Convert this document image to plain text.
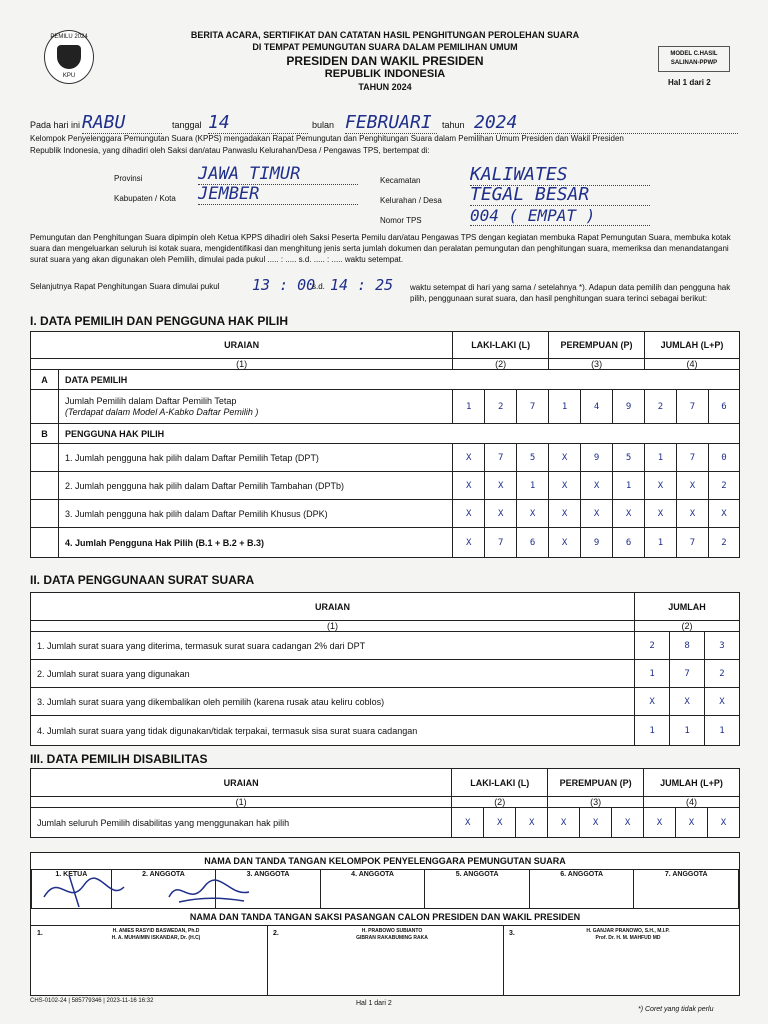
PEMILU 2024
KPU
BERITA ACARA, SERTIFIKAT DAN CATATAN HASIL PENGHITUNGAN PEROLEHAN SUARA
DI TEMPAT PEMUNGUTAN SUARA DALAM PEMILIHAN UMUM
PRESIDEN DAN WAKIL PRESIDEN
REPUBLIK INDONESIA
TAHUN 2024
MODEL C.HASIL
SALINAN-PPWP
Hal 1 dari 2
Pada hari ini RABU	tanggal 14	bulan FEBRUARI	tahun 2024
Kelompok Penyelenggara Pemungutan Suara (KPPS) mengadakan Rapat Pemungutan dan Penghitungan Suara dalam Pemilihan Umum Presiden dan Wakil Presiden
Republik Indonesia, yang dihadiri oleh Saksi dan/atau Panwaslu Kelurahan/Desa / Pengawas TPS, bertempat di:
Provinsi	JAWA TIMUR
Kabupaten / Kota JEMBER
Kecamatan	KALIWATES
Kelurahan / Desa TEGAL BESAR
Nomor TPS	004 ( EMPAT )
Pemungutan dan Penghitungan Suara dipimpin oleh Ketua KPPS dihadiri oleh Saksi Peserta Pemilu dan/atau Pengawas TPS dengan kegiatan membuka Rapat Pemungutan Suara, membuka kotak suara dan mengeluarkan seluruh isi kotak suara, mengidentifikasi dan menghitung jenis serta jumlah dokumen dan peralatan pemungutan dan penghitungan suara, memeriksa dan menandatangani surat suara yang akan digunakan oleh Pemilih, dimulai pada pukul ..... : ..... s.d. ..... : ..... waktu setempat.
Selanjutnya Rapat Penghitungan Suara dimulai pukul 13 : 00
s.d. 14 : 25 waktu setempat di hari yang sama / setelahnya *). Adapun data pemilih dan pengguna hak pilih, penggunaan surat suara, dan hasil penghitungan suara terinci sebagai berikut:
I. DATA PEMILIH DAN PENGGUNA HAK PILIH
URAIAN		LAKI-LAKI (L)			PEREMPUAN (P)			JUMLAH (L+P)		
(1)		(2)			(3)			(4)		
A	DATA PEMILIH									

	Jumlah Pemilih dalam Daftar Pemilih Tetap
(Terdapat dalam Model A-Kabko Daftar Pemilih )	1	2	7	1	4	9	2	7	6
B	PENGGUNA HAK PILIH									
	1. Jumlah pengguna hak pilih dalam Daftar Pemilih Tetap (DPT)	X	7	5	X	9	5	1	7	0
	2. Jumlah pengguna hak pilih dalam Daftar Pemilih Tambahan (DPTb)	X	X	1	X	X	1	X	X	2
	3. Jumlah pengguna hak pilih dalam Daftar Pemilih Khusus (DPK)	X	X	X	X	X	X	X	X	X
	4. Jumlah Pengguna Hak Pilih (B.1 + B.2 + B.3)	X	7	6	X	9	6	1	7	2
II. DATA PENGGUNAAN SURAT SUARA
URAIAN	JUMLAH		
(1)	(2)		
1. Jumlah surat suara yang diterima, termasuk surat suara cadangan 2% dari DPT	2	8	3
2. Jumlah surat suara yang digunakan	1	7	2
3. Jumlah surat suara yang dikembalikan oleh pemilih (karena rusak atau keliru coblos)	X	X	X
4. Jumlah surat suara yang tidak digunakan/tidak terpakai, termasuk sisa surat suara cadangan	1	1	1
III. DATA PEMILIH DISABILITAS
URAIAN	LAKI-LAKI (L)			PEREMPUAN (P)			JUMLAH (L+P)		
(1)	(2)			(3)			(4)		
Jumlah seluruh Pemilih disabilitas yang menggunakan hak pilih	X	X	X	X	X	X	X	X	X
NAMA DAN TANDA TANGAN KELOMPOK PENYELENGGARA PEMUNGUTAN SUARA
1. KETUA	2. ANGGOTA	3. ANGGOTA	4. ANGGOTA	5. ANGGOTA	6. ANGGOTA	7. ANGGOTA
NAMA DAN TANDA TANGAN SAKSI PASANGAN CALON PRESIDEN DAN WAKIL PRESIDEN
1.	H. ANIES RASYID BASWEDAN, Ph.D
H. A. MUHAIMIN ISKANDAR, Dr. (H.C)
2.	H. PRABOWO SUBIANTO
GIBRAN RAKABUMING RAKA
3.	H. GANJAR PRANOWO, S.H., M.I.P.
Prof. Dr. H. M. MAHFUD MD
CHS-0102-24 | 585779346 | 2023-11-16 16:32	Hal 1 dari 2
*) Coret yang tidak perlu
